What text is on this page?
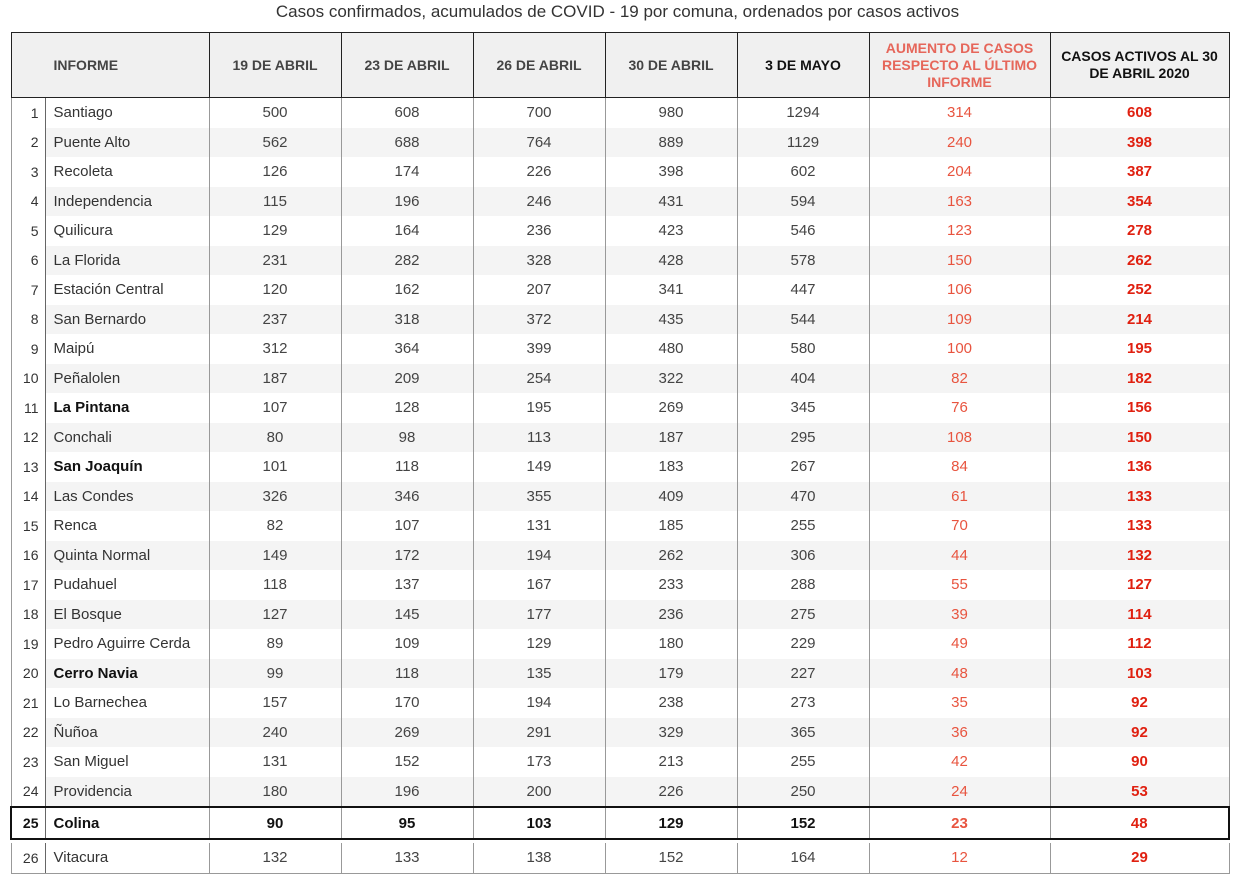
Casos confirmados, acumulados de COVID - 19 por comuna, ordenados por casos activos
INFORME		19 DE ABRIL	23 DE ABRIL	26 DE ABRIL	30 DE ABRIL	3 DE MAYO	AUMENTO DE CASOS RESPECTO AL ÚLTIMO INFORME	CASOS ACTIVOS AL 30 DE ABRIL 2020
1	Santiago	500	608	700	980	1294	314	608
2	Puente Alto	562	688	764	889	1129	240	398
3	Recoleta	126	174	226	398	602	204	387
4	Independencia	115	196	246	431	594	163	354
5	Quilicura	129	164	236	423	546	123	278
6	La Florida	231	282	328	428	578	150	262
7	Estación Central	120	162	207	341	447	106	252
8	San Bernardo	237	318	372	435	544	109	214
9	Maipú	312	364	399	480	580	100	195
10	Peñalolen	187	209	254	322	404	82	182
11	La Pintana	107	128	195	269	345	76	156
12	Conchali	80	98	113	187	295	108	150
13	San Joaquín	101	118	149	183	267	84	136
14	Las Condes	326	346	355	409	470	61	133
15	Renca	82	107	131	185	255	70	133
16	Quinta Normal	149	172	194	262	306	44	132
17	Pudahuel	118	137	167	233	288	55	127
18	El Bosque	127	145	177	236	275	39	114
19	Pedro Aguirre Cerda	89	109	129	180	229	49	112
20	Cerro Navia	99	118	135	179	227	48	103
21	Lo Barnechea	157	170	194	238	273	35	92
22	Ñuñoa	240	269	291	329	365	36	92
23	San Miguel	131	152	173	213	255	42	90
24	Providencia	180	196	200	226	250	24	53
25	Colina	90	95	103	129	152	23	48

26	Vitacura	132	133	138	152	164	12	29
